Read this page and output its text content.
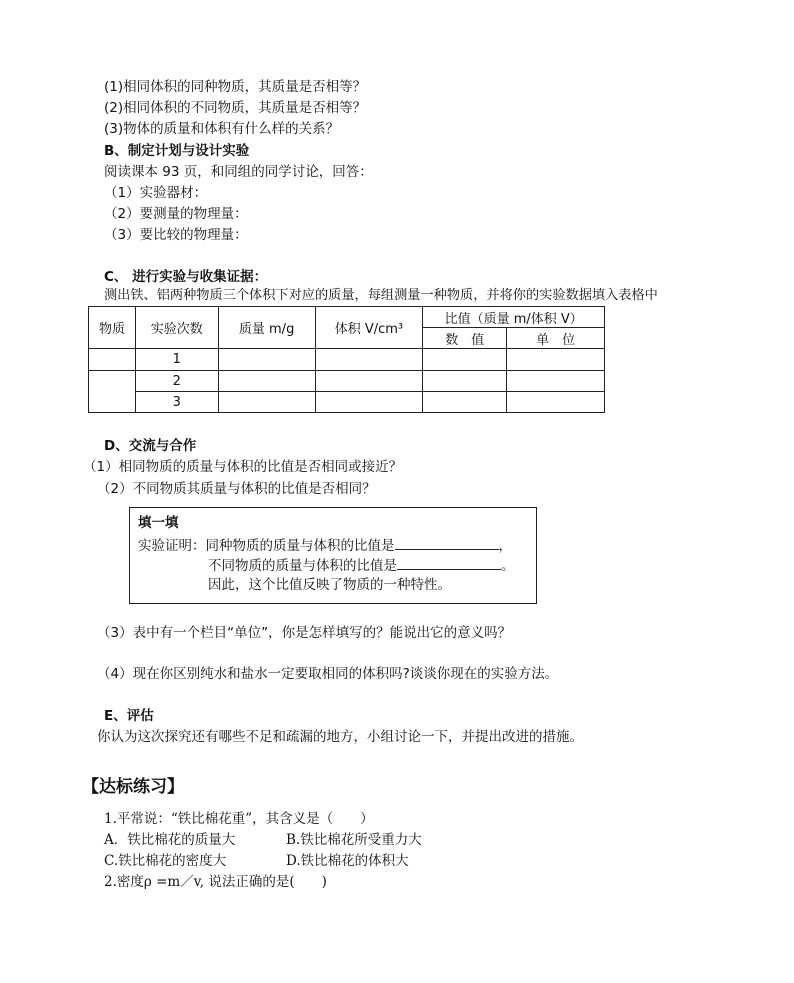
(1)相同体积的同种物质，其质量是否相等？
(2)相同体积的不同物质，其质量是否相等？
(3)物体的质量和体积有什么样的关系？
B、制定计划与设计实验
阅读课本 93 页，和同组的同学讨论，回答：
（1）实验器材：
（2）要测量的物理量：
（3）要比较的物理量：
C、 进行实验与收集证据：
测出铁、铝两种物质三个体积下对应的质量，每组测量一种物质，并将你的实验数据填入表格中
物质	实验次数	质量 m/g	体积 V/cm³	比值（质量 m/体积 V）	
				数　值	单　位
	1				
	2				
	3				
D、交流与合作
（1）相同物质的质量与体积的比值是否相同或接近？
（2）不同物质其质量与体积的比值是否相同？
填一填
实验证明：同种物质的质量与体积的比值是	，
不同物质的质量与体积的比值是	。
因此，这个比值反映了物质的一种特性。
（3）表中有一个栏目“单位”，你是怎样填写的？能说出它的意义吗？
（4）现在你区别纯水和盐水一定要取相同的体积吗?谈谈你现在的实验方法。
E、评估
你认为这次探究还有哪些不足和疏漏的地方，小组讨论一下，并提出改进的措施。
【达标练习】
1.平常说：“铁比棉花重”，其含义是（　　）
A．铁比棉花的质量大	B.铁比棉花所受重力大
C.铁比棉花的密度大	D.铁比棉花的体积大
2.密度ρ =m／v, 说法正确的是(　　)
